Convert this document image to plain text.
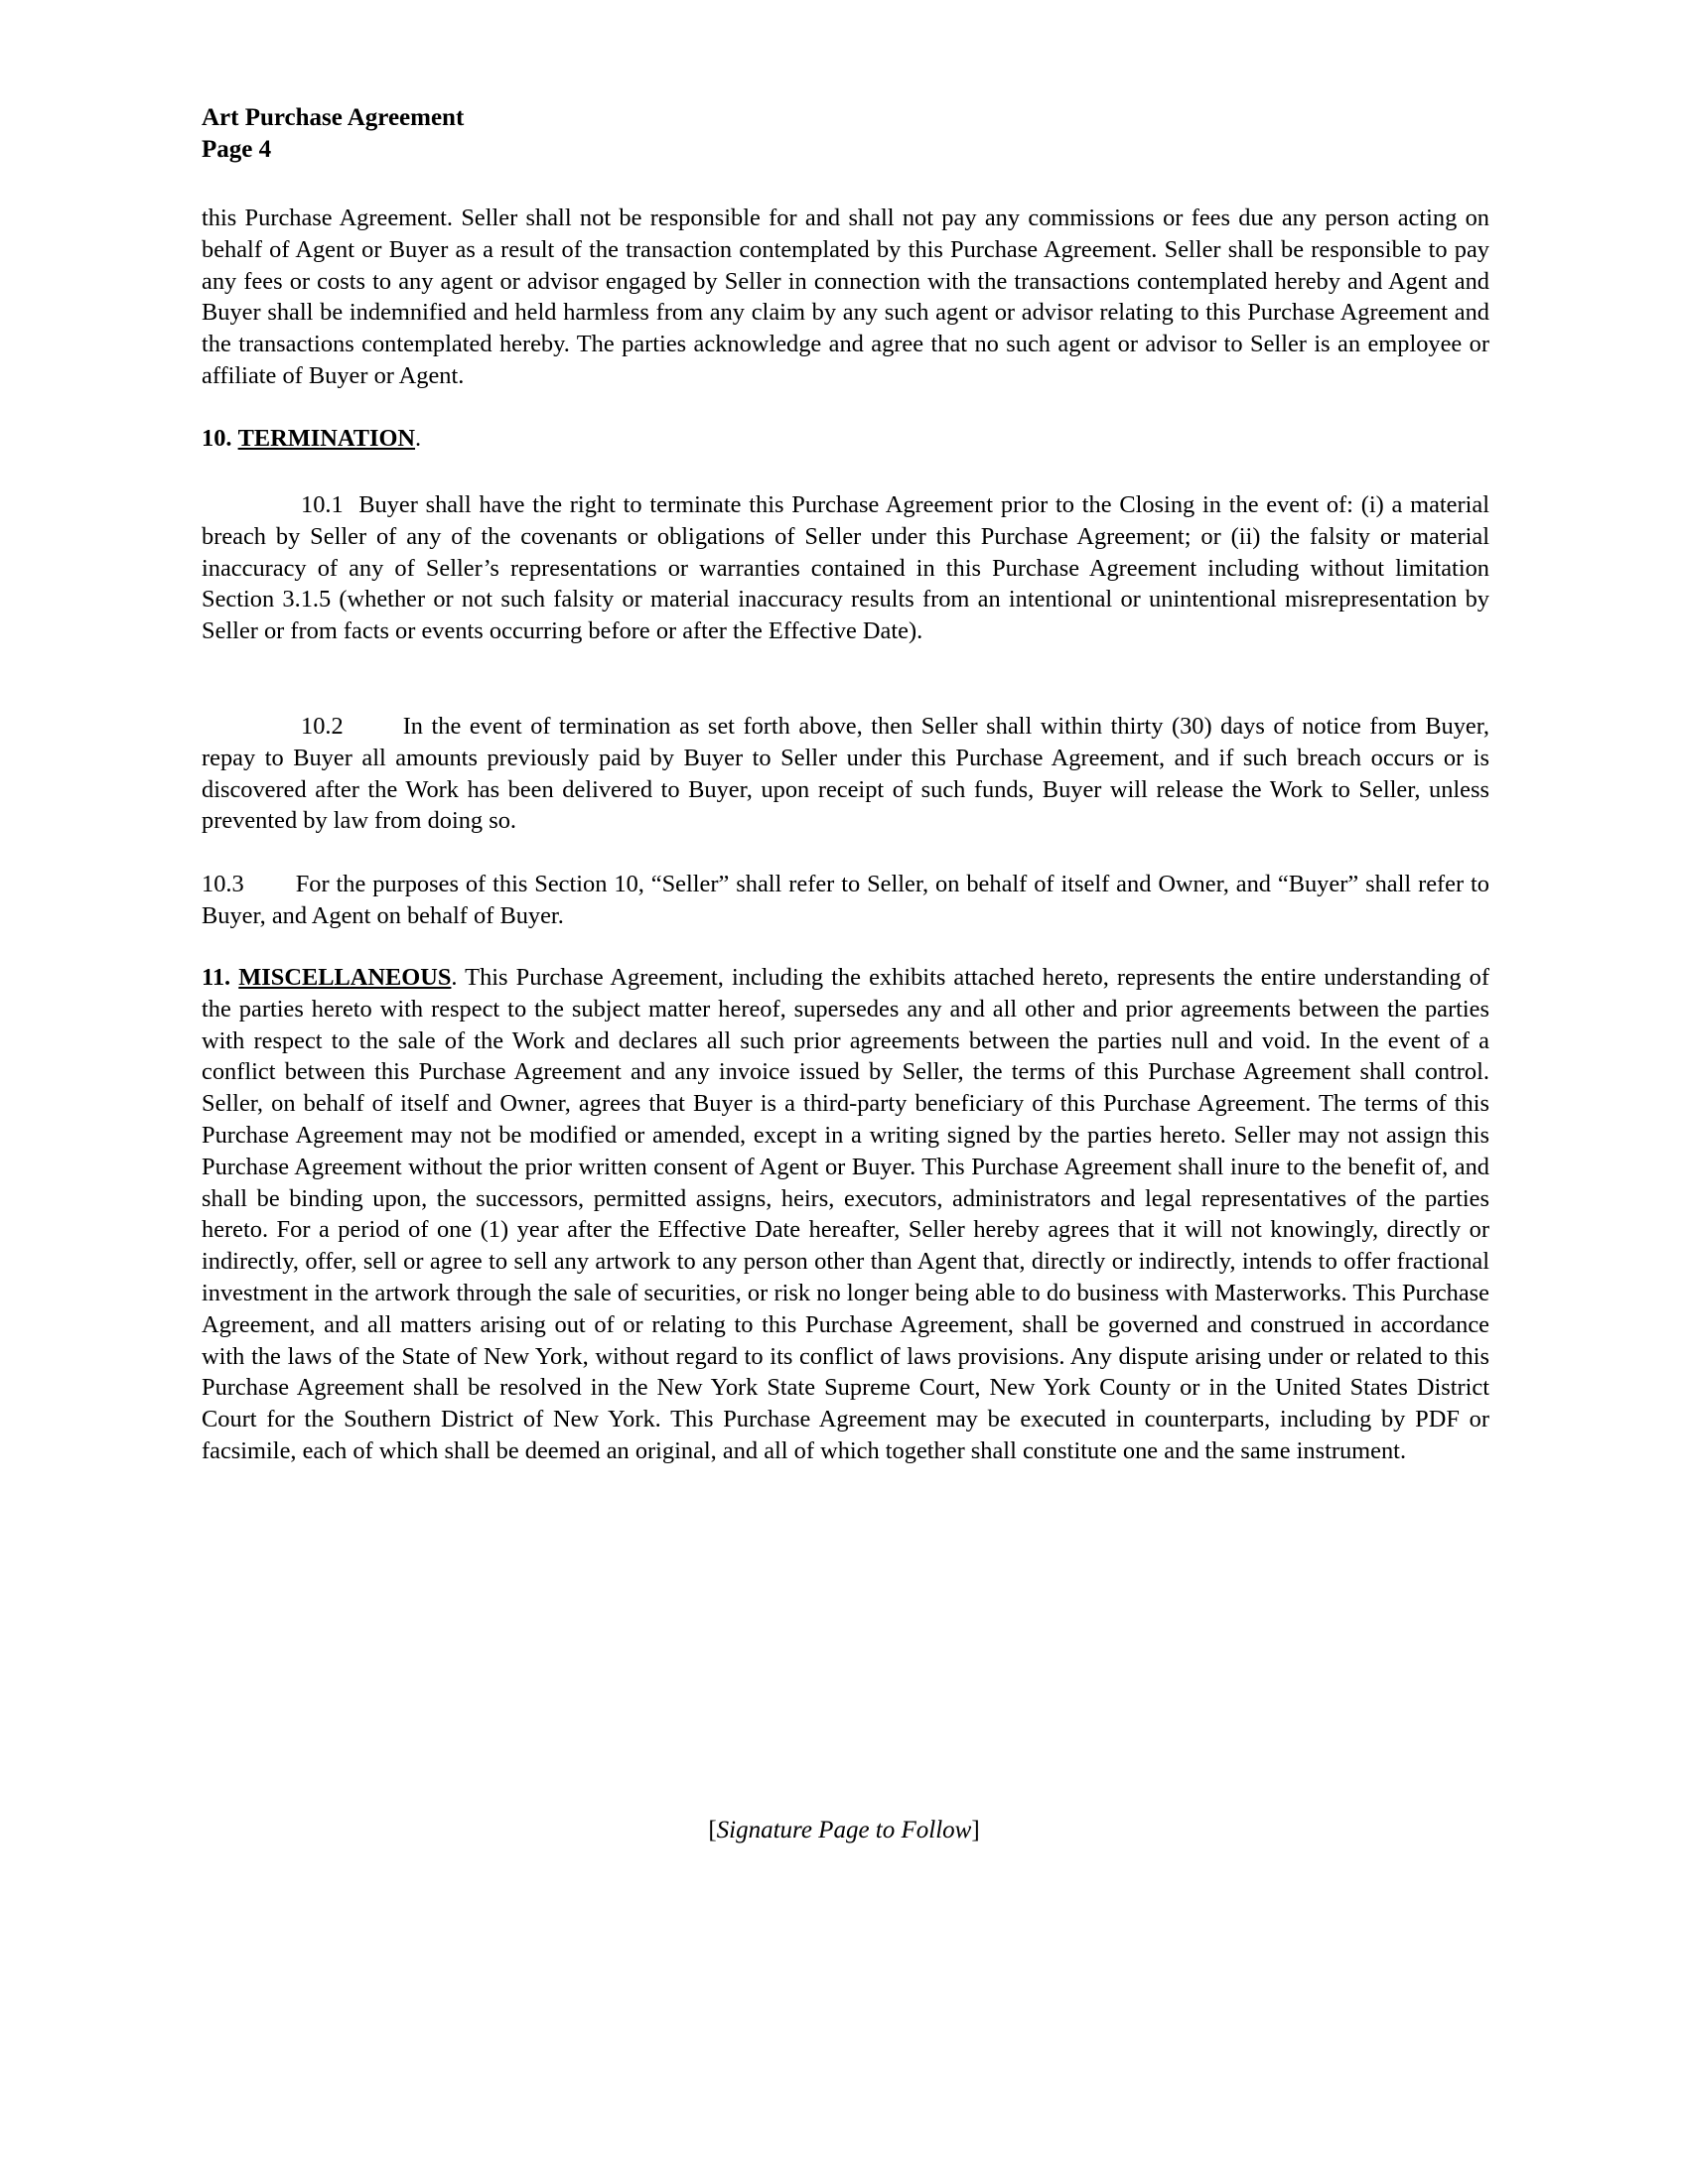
Art Purchase Agreement
Page 4

this Purchase Agreement. Seller shall not be responsible for and shall not pay any commissions or fees due any person acting on behalf of Agent or Buyer as a result of the transaction contemplated by this Purchase Agreement. Seller shall be responsible to pay any fees or costs to any agent or advisor engaged by Seller in connection with the transactions contemplated hereby and Agent and Buyer shall be indemnified and held harmless from any claim by any such agent or advisor relating to this Purchase Agreement and the transactions contemplated hereby. The parties acknowledge and agree that no such agent or advisor to Seller is an employee or affiliate of Buyer or Agent.

10. TERMINATION.

10.1 Buyer shall have the right to terminate this Purchase Agreement prior to the Closing in the event of: (i) a material breach by Seller of any of the covenants or obligations of Seller under this Purchase Agreement; or (ii) the falsity or material inaccuracy of any of Seller’s representations or warranties contained in this Purchase Agreement including without limitation Section 3.1.5 (whether or not such falsity or material inaccuracy results from an intentional or unintentional misrepresentation by Seller or from facts or events occurring before or after the Effective Date).

10.2 In the event of termination as set forth above, then Seller shall within thirty (30) days of notice from Buyer, repay to Buyer all amounts previously paid by Buyer to Seller under this Purchase Agreement, and if such breach occurs or is discovered after the Work has been delivered to Buyer, upon receipt of such funds, Buyer will release the Work to Seller, unless prevented by law from doing so.

10.3 For the purposes of this Section 10, “Seller” shall refer to Seller, on behalf of itself and Owner, and “Buyer” shall refer to Buyer, and Agent on behalf of Buyer.

11. MISCELLANEOUS. This Purchase Agreement, including the exhibits attached hereto, represents the entire understanding of the parties hereto with respect to the subject matter hereof, supersedes any and all other and prior agreements between the parties with respect to the sale of the Work and declares all such prior agreements between the parties null and void. In the event of a conflict between this Purchase Agreement and any invoice issued by Seller, the terms of this Purchase Agreement shall control. Seller, on behalf of itself and Owner, agrees that Buyer is a third-party beneficiary of this Purchase Agreement. The terms of this Purchase Agreement may not be modified or amended, except in a writing signed by the parties hereto. Seller may not assign this Purchase Agreement without the prior written consent of Agent or Buyer. This Purchase Agreement shall inure to the benefit of, and shall be binding upon, the successors, permitted assigns, heirs, executors, administrators and legal representatives of the parties hereto. For a period of one (1) year after the Effective Date hereafter, Seller hereby agrees that it will not knowingly, directly or indirectly, offer, sell or agree to sell any artwork to any person other than Agent that, directly or indirectly, intends to offer fractional investment in the artwork through the sale of securities, or risk no longer being able to do business with Masterworks. This Purchase Agreement, and all matters arising out of or relating to this Purchase Agreement, shall be governed and construed in accordance with the laws of the State of New York, without regard to its conflict of laws provisions. Any dispute arising under or related to this Purchase Agreement shall be resolved in the New York State Supreme Court, New York County or in the United States District Court for the Southern District of New York. This Purchase Agreement may be executed in counterparts, including by PDF or facsimile, each of which shall be deemed an original, and all of which together shall constitute one and the same instrument.

[Signature Page to Follow]
